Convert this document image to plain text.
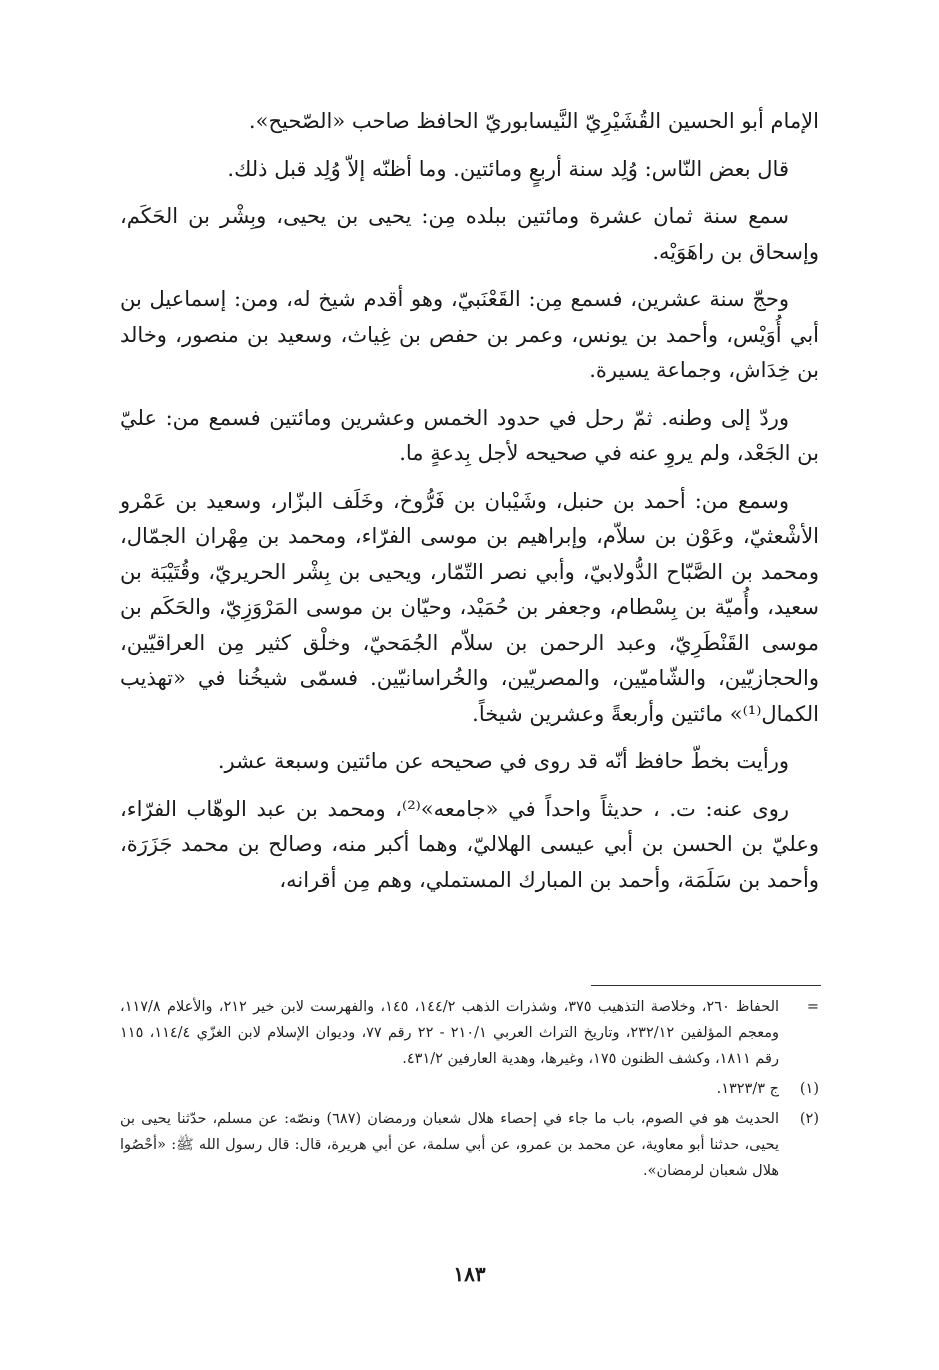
الإمام أبو الحسين القُشَيْرِيّ النَّيسابوريّ الحافظ صاحب «الصّحيح».

قال بعض النّاس: وُلِد سنة أربعٍ ومائتين. وما أظنّه إلاّ وُلِد قبل ذلك.

سمع سنة ثمان عشرة ومائتين ببلده مِن: يحيى بن يحيى، وبِشْر بن الحَكَم، وإسحاق بن راهَوَيْه.

وحجّ سنة عشرين، فسمع مِن: القَعْنَبيّ، وهو أقدم شيخ له، ومن: إسماعيل بن أبي أُوَيْس، وأحمد بن يونس، وعمر بن حفص بن غِياث، وسعيد بن منصور، وخالد بن خِدَاش، وجماعة يسيرة.

وردّ إلى وطنه. ثمّ رحل في حدود الخمس وعشرين ومائتين فسمع من: عليّ بن الجَعْد، ولم يروِ عنه في صحيحه لأجل بِدعةٍ ما.

وسمع من: أحمد بن حنبل، وشَيْبان بن فَرُّوخ، وخَلَف البزّار، وسعيد بن عَمْرو الأشْعثيّ، وعَوْن بن سلاّم، وإبراهيم بن موسى الفرّاء، ومحمد بن مِهْران الجمّال، ومحمد بن الصَّبّاح الدُّولابيّ، وأبي نصر التّمّار، ويحيى بن بِشْر الحريريّ، وقُتَيْبَة بن سعيد، وأُميّة بن بِسْطام، وجعفر بن حُمَيْد، وحيّان بن موسى المَرْوَزِيّ، والحَكَم بن موسى القَنْطَرِيّ، وعبد الرحمن بن سلاّم الجُمَحيّ، وخلْق كثير مِن العراقيّين، والحجازيّين، والشّاميّين، والمصريّين، والخُراسانيّين. فسمّى شيخُنا في «تهذيب الكمال⁽¹⁾» مائتين وأربعةً وعشرين شيخاً.

ورأيت بخطّ حافظ أنّه قد روى في صحيحه عن مائتين وسبعة عشر.

روى عنه: ت. ، حديثاً واحداً في «جامعه»⁽²⁾، ومحمد بن عبد الوهّاب الفرّاء، وعليّ بن الحسن بن أبي عيسى الهلاليّ، وهما أكبر منه، وصالح بن محمد جَزَرَة، وأحمد بن سَلَمَة، وأحمد بن المبارك المستملي، وهم مِن أقرانه،

=
الحفاظ ٢٦٠، وخلاصة التذهيب ٣٧٥، وشذرات الذهب ١٤٤/٢، ١٤٥، والفهرست لابن خير ٢١٢، والأعلام ١١٧/٨، ومعجم المؤلفين ٢٣٢/١٢، وتاريخ التراث العربي ٢١٠/١ - ٢٢ رقم ٧٧، وديوان الإسلام لابن الغزّي ١١٤/٤، ١١٥ رقم ١٨١١، وكشف الظنون ١٧٥، وغيرها، وهدية العارفين ٤٣١/٢.
(١)
ج ١٣٢٣/٣.
(٢)
الحديث هو في الصوم، باب ما جاء في إحصاء هلال شعبان ورمضان (٦٨٧) ونصّه: عن مسلم، حدّثنا يحيى بن يحيى، حدثنا أبو معاوية، عن محمد بن عمرو، عن أبي سلمة، عن أبي هريرة، قال: قال رسول الله ﷺ: «أحْصُوا هلال شعبان لرمضان».
١٨٣
